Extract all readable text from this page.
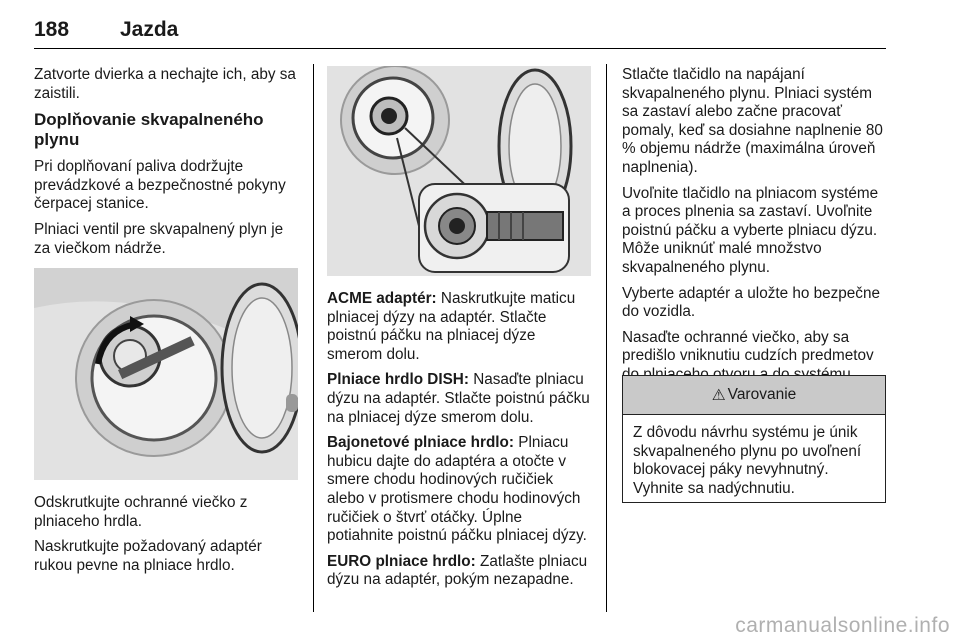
188 Jazda

Zatvorte dvierka a nechajte ich, aby sa zaistili.

Doplňovanie skvapalneného plynu

Pri doplňovaní paliva dodržujte prevádzkové a bezpečnostné pokyny čerpacej stanice.

Plniaci ventil pre skvapalnený plyn je za viečkom nádrže.

Odskrutkujte ochranné viečko z plniaceho hrdla.

Naskrutkujte požadovaný adaptér rukou pevne na plniace hrdlo.

ACME adaptér: Naskrutkujte maticu plniacej dýzy na adaptér. Stlačte poistnú páčku na plniacej dýze smerom dolu.

Plniace hrdlo DISH: Nasaďte plniacu dýzu na adaptér. Stlačte poistnú páčku na plniacej dýze smerom dolu.

Bajonetové plniace hrdlo: Plniacu hubicu dajte do adaptéra a otočte v smere chodu hodinových ručičiek alebo v protismere chodu hodinových ručičiek o štvrť otáčky. Úplne potiahnite poistnú páčku plniacej dýzy.

EURO plniace hrdlo: Zatlašte plniacu dýzu na adaptér, pokým nezapadne.

Stlačte tlačidlo na napájaní skvapalneného plynu. Plniaci systém sa zastaví alebo začne pracovať pomaly, keď sa dosiahne naplnenie 80 % objemu nádrže (maximálna úroveň naplnenia).

Uvoľnite tlačidlo na plniacom systéme a proces plnenia sa zastaví. Uvoľnite poistnú páčku a vyberte plniacu dýzu. Môže uniknúť malé množstvo skvapalneného plynu.

Vyberte adaptér a uložte ho bezpečne do vozidla.

Nasaďte ochranné viečko, aby sa predišlo vniknutiu cudzích predmetov

⚠ Varovanie
Z dôvodu návrhu systému je únik skvapalneného plynu po uvoľnení blokovacej páky nevyhnutný. Vyhnite sa nadýchnutiu.
carmanualsonline.info
